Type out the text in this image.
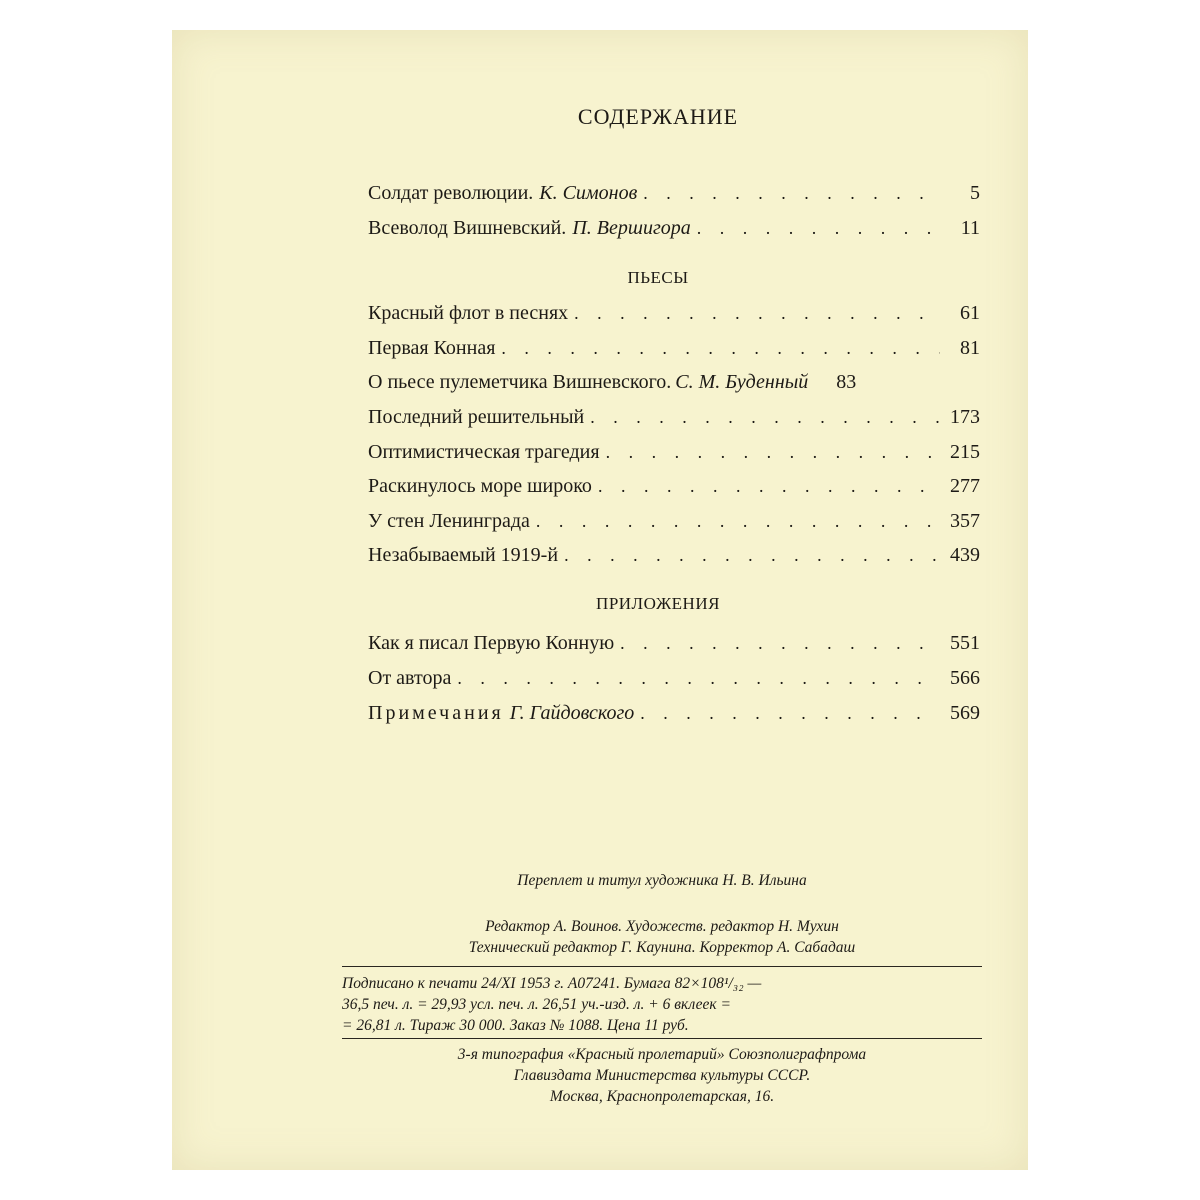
СОДЕРЖАНИЕ
Солдат революции. К. Симонов . . .	5
Всеволод Вишневский. П. Вершигора . . .	11
ПЬЕСЫ
Красный флот в песнях . . .	61
Первая Конная . . .	81
О пьесе пулеметчика Вишневского. С. М. Буденный	83
Последний решительный . . .	173
Оптимистическая трагедия . . .	215
Раскинулось море широко . . .	277
У стен Ленинграда . . .	357
Незабываемый 1919-й . . .	439
ПРИЛОЖЕНИЯ
Как я писал Первую Конную . . .	551
От автора . . .	566
Примечания Г. Гайдовского . . .	569
Переплет и титул художника Н. В. Ильина
Редактор А. Воинов. Художеств. редактор Н. Мухин
Технический редактор Г. Каунина. Корректор А. Сабадаш
Подписано к печати 24/XI 1953 г. А07241. Бумага 82×108¹/₃₂ —
36,5 печ. л. = 29,93 усл. печ. л. 26,51 уч.-изд. л. + 6 вклеек =
= 26,81 л. Тираж 30 000. Заказ № 1088. Цена 11 руб.
3-я типография «Красный пролетарий» Союзполиграфпрома
Главиздата Министерства культуры СССР.
Москва, Краснопролетарская, 16.
